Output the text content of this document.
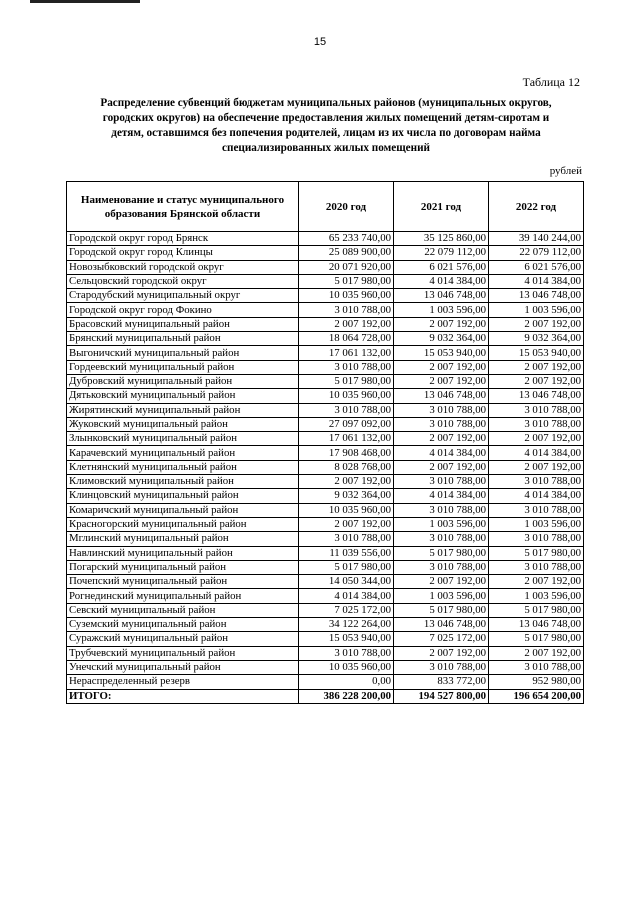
15
Таблица 12
Распределение субвенций бюджетам муниципальных районов (муниципальных округов,
городских округов) на обеспечение предоставления жилых помещений детям-сиротам и
детям, оставшимся без попечения родителей, лицам из их числа по договорам найма
специализированных жилых помещений
рублей
Наименование и статус муниципального образования Брянской области	2020 год	2021 год	2022 год
Городской округ город Брянск	65 233 740,00	35 125 860,00	39 140 244,00
Городской округ город Клинцы	25 089 900,00	22 079 112,00	22 079 112,00
Новозыбковский городской округ	20 071 920,00	6 021 576,00	6 021 576,00
Сельцовский городской округ	5 017 980,00	4 014 384,00	4 014 384,00
Стародубский муниципальный округ	10 035 960,00	13 046 748,00	13 046 748,00
Городской округ город Фокино	3 010 788,00	1 003 596,00	1 003 596,00
Брасовский муниципальный район	2 007 192,00	2 007 192,00	2 007 192,00
Брянский муниципальный район	18 064 728,00	9 032 364,00	9 032 364,00
Выгоничский муниципальный район	17 061 132,00	15 053 940,00	15 053 940,00
Гордеевский муниципальный район	3 010 788,00	2 007 192,00	2 007 192,00
Дубровский муниципальный район	5 017 980,00	2 007 192,00	2 007 192,00
Дятьковский муниципальный район	10 035 960,00	13 046 748,00	13 046 748,00
Жирятинский муниципальный район	3 010 788,00	3 010 788,00	3 010 788,00
Жуковский муниципальный район	27 097 092,00	3 010 788,00	3 010 788,00
Злынковский муниципальный район	17 061 132,00	2 007 192,00	2 007 192,00
Карачевский муниципальный район	17 908 468,00	4 014 384,00	4 014 384,00
Клетнянский муниципальный район	8 028 768,00	2 007 192,00	2 007 192,00
Климовский муниципальный район	2 007 192,00	3 010 788,00	3 010 788,00
Клинцовский муниципальный район	9 032 364,00	4 014 384,00	4 014 384,00
Комаричский муниципальный район	10 035 960,00	3 010 788,00	3 010 788,00
Красногорский муниципальный район	2 007 192,00	1 003 596,00	1 003 596,00
Мглинский муниципальный район	3 010 788,00	3 010 788,00	3 010 788,00
Навлинский муниципальный район	11 039 556,00	5 017 980,00	5 017 980,00
Погарский муниципальный район	5 017 980,00	3 010 788,00	3 010 788,00
Почепский муниципальный район	14 050 344,00	2 007 192,00	2 007 192,00
Рогнединский муниципальный район	4 014 384,00	1 003 596,00	1 003 596,00
Севский муниципальный район	7 025 172,00	5 017 980,00	5 017 980,00
Суземский муниципальный район	34 122 264,00	13 046 748,00	13 046 748,00
Суражский муниципальный район	15 053 940,00	7 025 172,00	5 017 980,00
Трубчевский муниципальный район	3 010 788,00	2 007 192,00	2 007 192,00
Унечский муниципальный район	10 035 960,00	3 010 788,00	3 010 788,00
Нераспределенный резерв	0,00	833 772,00	952 980,00
ИТОГО:	386 228 200,00	194 527 800,00	196 654 200,00
